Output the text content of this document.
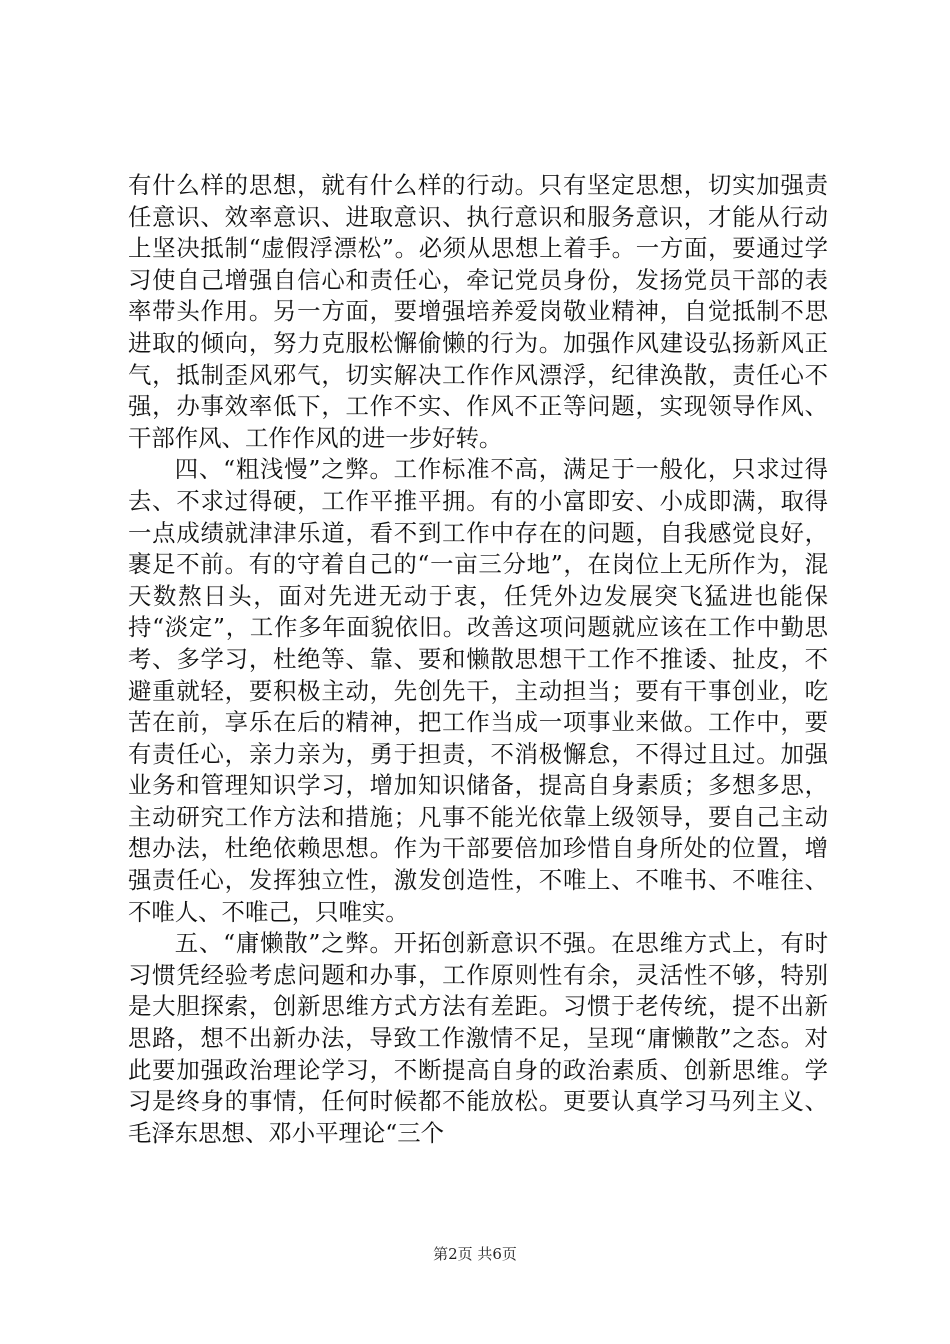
有什么样的思想，就有什么样的行动。只有坚定思想，切实加强责任意识、效率意识、进取意识、执行意识和服务意识，才能从行动上坚决抵制“虚假浮漂松”。必须从思想上着手。一方面，要通过学习使自己增强自信心和责任心，牵记党员身份，发扬党员干部的表率带头作用。另一方面，要增强培养爱岗敬业精神，自觉抵制不思进取的倾向，努力克服松懈偷懒的行为。加强作风建设弘扬新风正气，抵制歪风邪气，切实解决工作作风漂浮，纪律涣散，责任心不强，办事效率低下，工作不实、作风不正等问题，实现领导作风、干部作风、工作作风的进一步好转。

四、“粗浅慢”之弊。工作标准不高，满足于一般化，只求过得去、不求过得硬，工作平推平拥。有的小富即安、小成即满，取得一点成绩就津津乐道，看不到工作中存在的问题，自我感觉良好，裹足不前。有的守着自己的“一亩三分地”，在岗位上无所作为，混天数熬日头，面对先进无动于衷，任凭外边发展突飞猛进也能保持“淡定”，工作多年面貌依旧。改善这项问题就应该在工作中勤思考、多学习，杜绝等、靠、要和懒散思想干工作不推诿、扯皮，不避重就轻，要积极主动，先创先干，主动担当；要有干事创业，吃苦在前，享乐在后的精神，把工作当成一项事业来做。工作中，要有责任心，亲力亲为，勇于担责，不消极懈怠，不得过且过。加强业务和管理知识学习，增加知识储备，提高自身素质；多想多思，主动研究工作方法和措施；凡事不能光依靠上级领导，要自己主动想办法，杜绝依赖思想。作为干部要倍加珍惜自身所处的位置，增强责任心，发挥独立性，激发创造性，不唯上、不唯书、不唯往、不唯人、不唯己，只唯实。

五、“庸懒散”之弊。开拓创新意识不强。在思维方式上，有时习惯凭经验考虑问题和办事，工作原则性有余，灵活性不够，特别是大胆探索，创新思维方式方法有差距。习惯于老传统，提不出新思路，想不出新办法，导致工作激情不足，呈现“庸懒散”之态。对此要加强政治理论学习，不断提高自身的政治素质、创新思维。学习是终身的事情，任何时候都不能放松。更要认真学习马列主义、毛泽东思想、邓小平理论“三个

第2页 共6页
